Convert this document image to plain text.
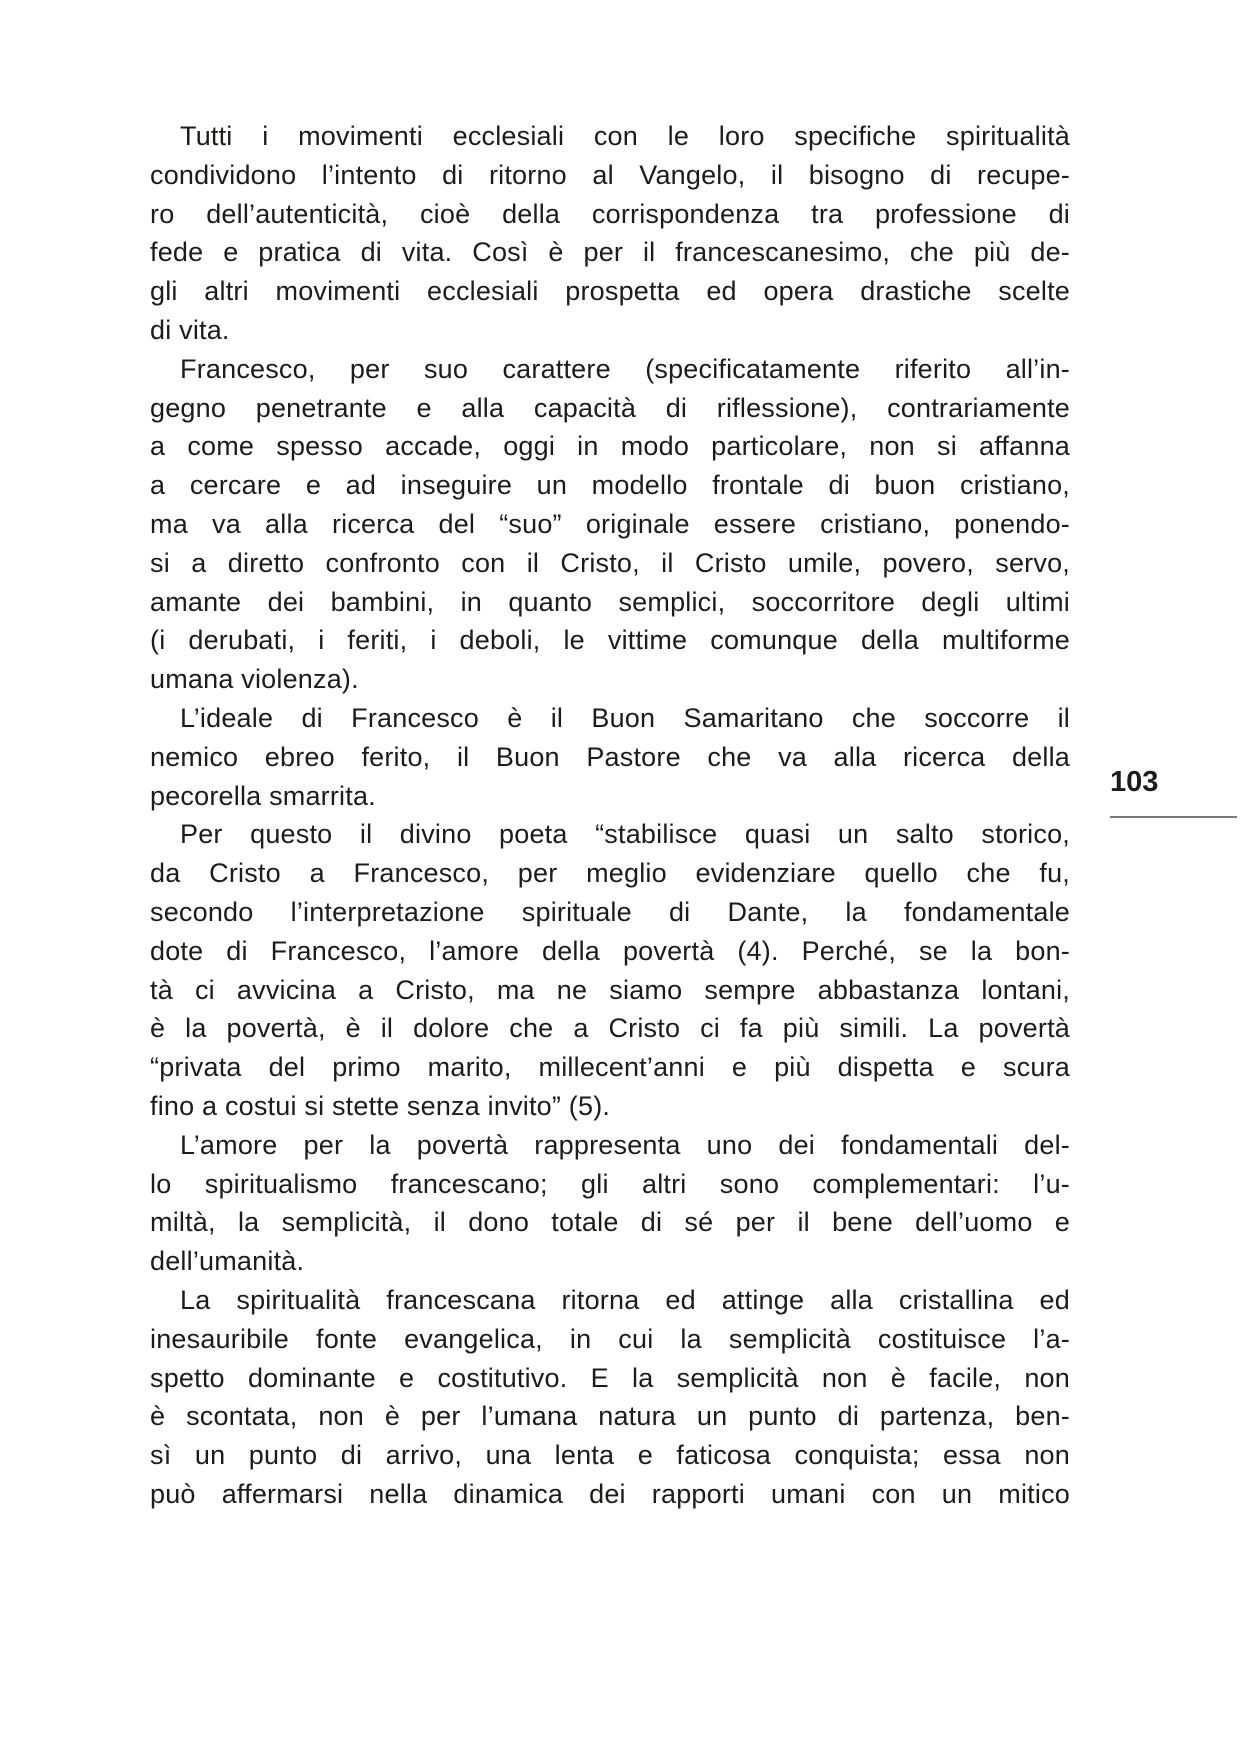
Tutti i movimenti ecclesiali con le loro specifiche spiritualità
condividono l’intento di ritorno al Vangelo, il bisogno di recupe-
ro dell’autenticità, cioè della corrispondenza tra professione di
fede e pratica di vita. Così è per il francescanesimo, che più de-
gli altri movimenti ecclesiali prospetta ed opera drastiche scelte
di vita.
Francesco, per suo carattere (specificatamente riferito all’in-
gegno penetrante e alla capacità di riflessione), contrariamente
a come spesso accade, oggi in modo particolare, non si affanna
a cercare e ad inseguire un modello frontale di buon cristiano,
ma va alla ricerca del “suo” originale essere cristiano, ponendo-
si a diretto confronto con il Cristo, il Cristo umile, povero, servo,
amante dei bambini, in quanto semplici, soccorritore degli ultimi
(i derubati, i feriti, i deboli, le vittime comunque della multiforme
umana violenza).
L’ideale di Francesco è il Buon Samaritano che soccorre il
nemico ebreo ferito, il Buon Pastore che va alla ricerca della
pecorella smarrita.
Per questo il divino poeta “stabilisce quasi un salto storico,
da Cristo a Francesco, per meglio evidenziare quello che fu,
secondo l’interpretazione spirituale di Dante, la fondamentale
dote di Francesco, l’amore della povertà (4). Perché, se la bon-
tà ci avvicina a Cristo, ma ne siamo sempre abbastanza lontani,
è la povertà, è il dolore che a Cristo ci fa più simili. La povertà
“privata del primo marito, millecent’anni e più dispetta e scura
fino a costui si stette senza invito” (5).
L’amore per la povertà rappresenta uno dei fondamentali del-
lo spiritualismo francescano; gli altri sono complementari: l’u-
miltà, la semplicità, il dono totale di sé per il bene dell’uomo e
dell’umanità.
La spiritualità francescana ritorna ed attinge alla cristallina ed
inesauribile fonte evangelica, in cui la semplicità costituisce l’a-
spetto dominante e costitutivo. E la semplicità non è facile, non
è scontata, non è per l’umana natura un punto di partenza, ben-
sì un punto di arrivo, una lenta e faticosa conquista; essa non
può affermarsi nella dinamica dei rapporti umani con un mitico
103
